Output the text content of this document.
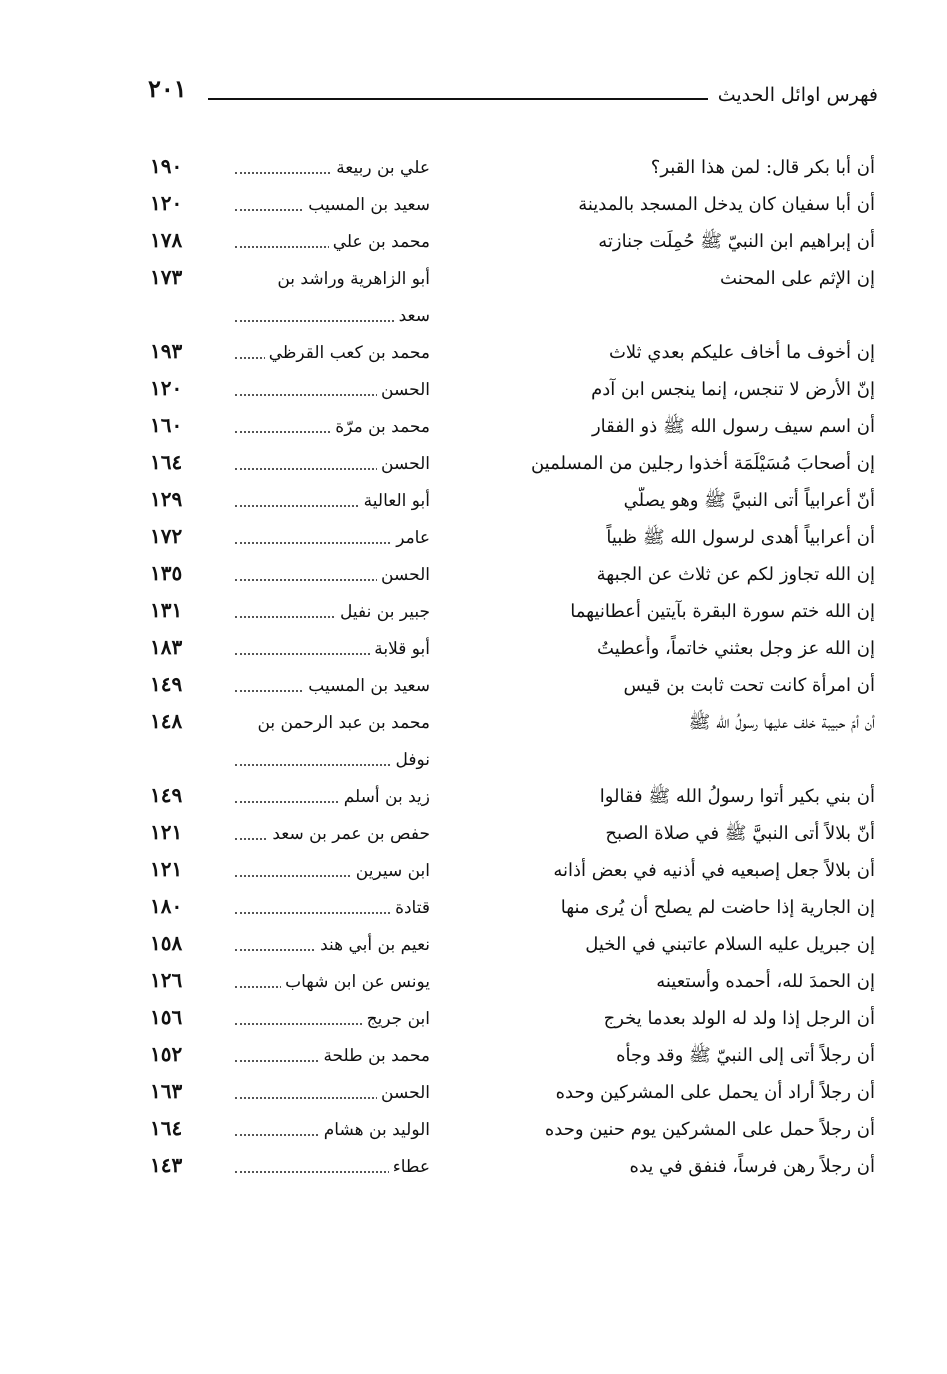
فهرس اوائل الحديث
٢٠١
أن أبا بكر قال: لمن هذا القبر؟
علي بن ربيعة
١٩٠
أن أبا سفيان كان يدخل المسجد بالمدينة
سعيد بن المسيب
١٢٠
أن إبراهيم ابن النبيّ ﷺ حُمِلَت جنازته
محمد بن علي
١٧٨
إن الإثم على المحنث
أبو الزاهرية وراشد بن
سعد
١٧٣
إن أخوف ما أخاف عليكم بعدي ثلاث
محمد بن كعب القرظي
١٩٣
إنّ الأرض لا تنجس، إنما ينجس ابن آدم
الحسن
١٢٠
أن اسم سيف رسول الله ﷺ ذو الفقار
محمد بن مرّة
١٦٠
إن أصحابَ مُسَيْلَمَة أخذوا رجلين من المسلمين
الحسن
١٦٤
أنّ أعرابياً أتى النبيَّ ﷺ وهو يصلّي
أبو العالية
١٢٩
أن أعرابياً أهدى لرسول الله ﷺ ظبياً
عامر
١٧٢
إن الله تجاوز لكم عن ثلاث عن الجبهة
الحسن
١٣٥
إن الله ختم سورة البقرة بآيتين أعطانيهما
جبير بن نفيل
١٣١
إن الله عز وجل بعثني خاتماً، وأُعطيتُ
أبو قلابة
١٨٣
أن امرأة كانت تحت ثابت بن قيس
سعيد بن المسيب
١٤٩
أن أمّ حبيبة خلف عليها رسولُ الله ﷺ
محمد بن عبد الرحمن بن
نوفل
١٤٨
أن بني بكير أتوا رسولُ الله ﷺ فقالوا
زيد بن أسلم
١٤٩
أنّ بلالاً أتى النبيَّ ﷺ في صلاة الصبح
حفص بن عمر بن سعد
١٢١
أن بلالاً جعل إصبعيه في أذنيه في بعض أذانه
ابن سيرين
١٢١
إن الجارية إذا حاضت لم يصلح أن يُرى منها
قتادة
١٨٠
إن جبريل عليه السلام عاتبني في الخيل
نعيم بن أبي هند
١٥٨
إن الحمدَ لله، أحمده وأستعينه
يونس عن ابن شهاب
١٢٦
أن الرجل إذا ولد له الولد بعدما يخرج
ابن جريج
١٥٦
أن رجلاً أتى إلى النبيّ ﷺ وقد وجأه
محمد بن طلحة
١٥٢
أن رجلاً أراد أن يحمل على المشركين وحده
الحسن
١٦٣
أن رجلاً حمل على المشركين يوم حنين وحده
الوليد بن هشام
١٦٤
أن رجلاً رهن فرساً، فنفق في يده
عطاء
١٤٣
